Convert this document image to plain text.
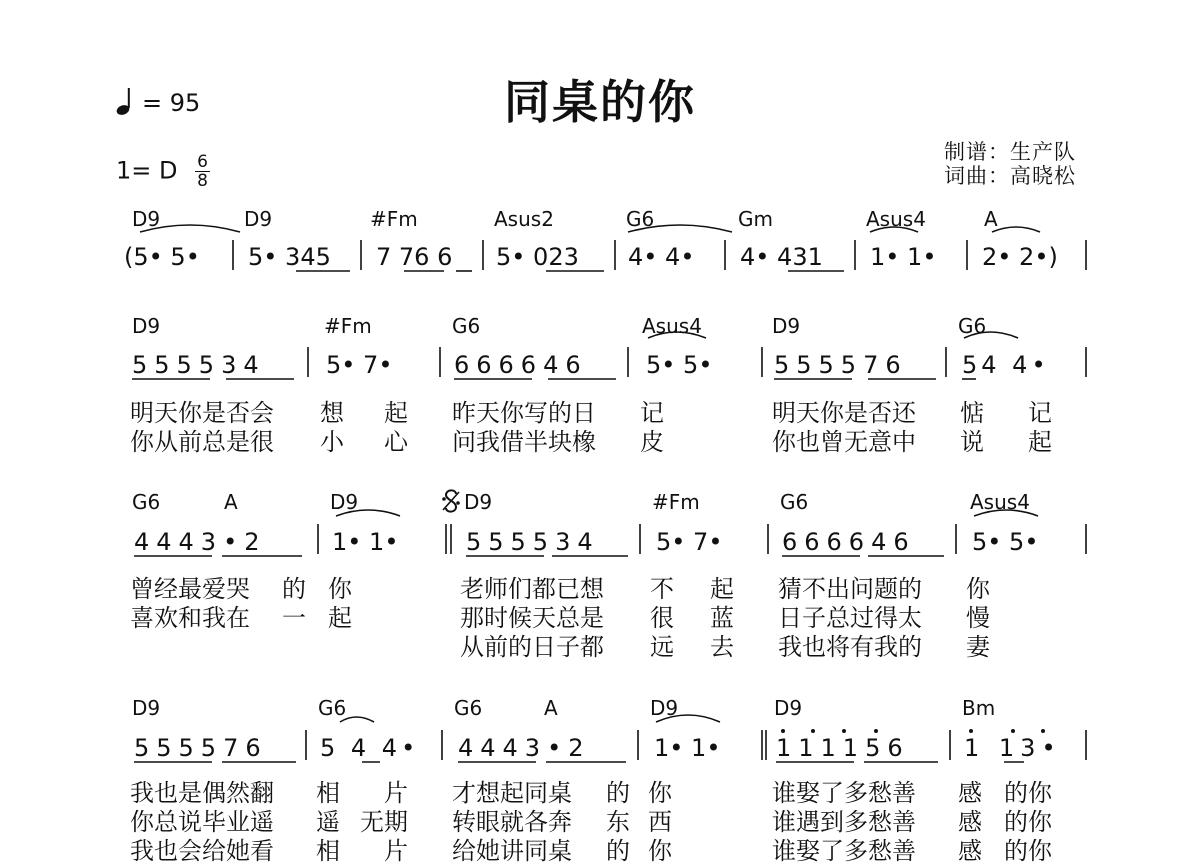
同桌的你
= 95
1= D $\frac{6}{8}$
制谱：生产队
词曲：高晓松
D9	D9	#Fm	Asus2	G6	Gm	Asus4	A
(5• 5• 5• 345 7 76 6 5• 023 4• 4• 4• 431 1• 1• 2• 2•)
D9	#Fm	G6	Asus4	D9	G6
555534	5• 7•	666646 5• 5•	555576 54 4•
明天你是否会 想 起 昨天你写的日 记	明天你是否还 惦 记
你从前总是很 小 心 问我借半块橡 皮	你也曾无意中 说 起
G6	A	D9	D9	#Fm	G6	Asus4
4443•2	1• 1•	555534 5• 7• 666646 5• 5•
曾经最爱哭 的 你	老师们都已想 不 起 猜不出问题的 你
喜欢和我在 一 起	那时候天总是 很 蓝 日子总过得太 慢
从前的日子都 远 去 我也将有我的 妻
D9	G6	G6	A	D9	D9	Bm
555576 5 4 4• 4443•2	1• 1• 111156 1 13•
我也是偶然翻 相 片 才想起同桌 的 你	谁娶了多愁善 感 的你
你总说毕业遥 遥 无期 转眼就各奔 东 西	谁遇到多愁善 感 的你
我也会给她看 相 片 给她讲同桌 的 你	谁娶了多愁善 感 的你
